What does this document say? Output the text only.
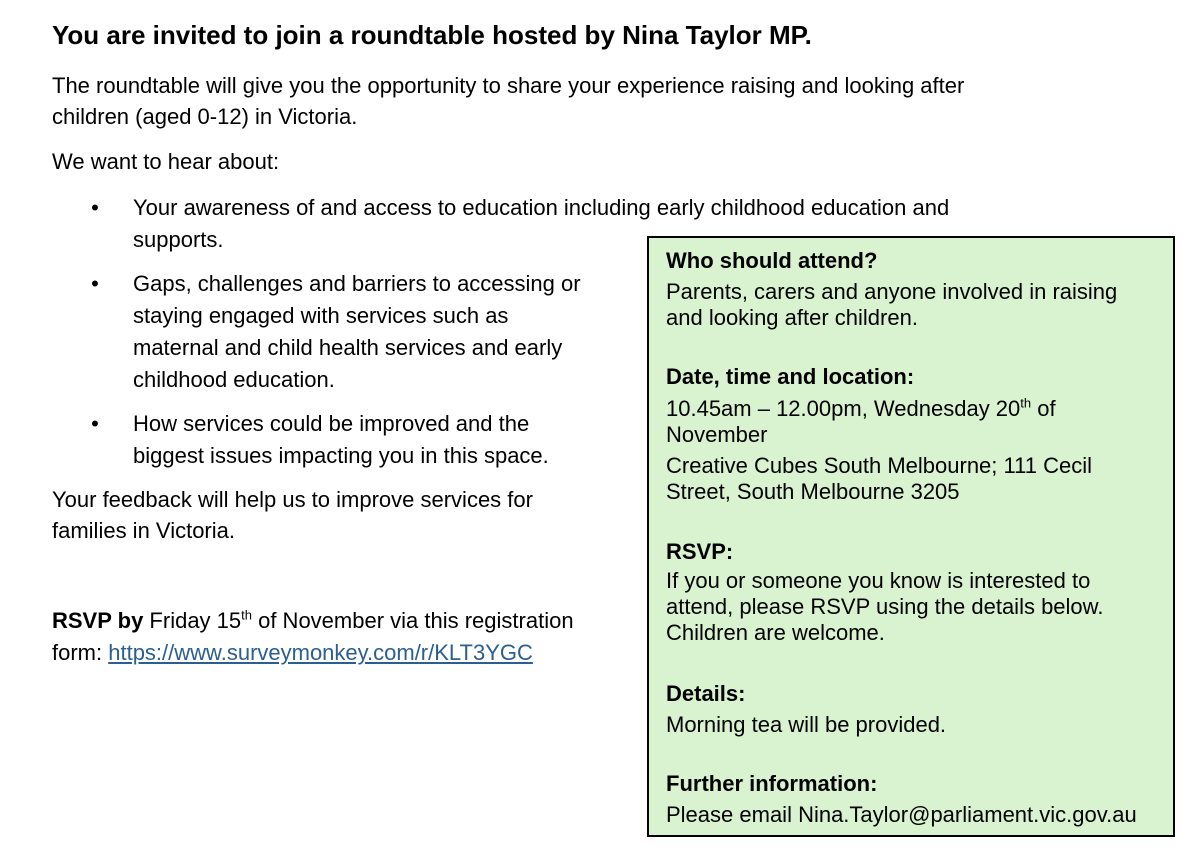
You are invited to join a roundtable hosted by Nina Taylor MP.

The roundtable will give you the opportunity to share your experience raising and looking after

children (aged 0-12) in Victoria.

We want to hear about:

• Your awareness of and access to education including early childhood education and
supports.
• Gaps, challenges and barriers to accessing or
staying engaged with services such as
maternal and child health services and early
childhood education.
• How services could be improved and the
biggest issues impacting you in this space.

Your feedback will help us to improve services for

families in Victoria.

RSVP by Friday 15th of November via this registration

form: https://www.surveymonkey.com/r/KLT3YGC

Who should attend?
Parents, carers and anyone involved in raising
and looking after children.
Date, time and location:
10.45am – 12.00pm, Wednesday 20th of
November
Creative Cubes South Melbourne; 111 Cecil
Street, South Melbourne 3205
RSVP:
If you or someone you know is interested to
attend, please RSVP using the details below.
Children are welcome.
Details:
Morning tea will be provided.
Further information:
Please email Nina.Taylor@parliament.vic.gov.au
